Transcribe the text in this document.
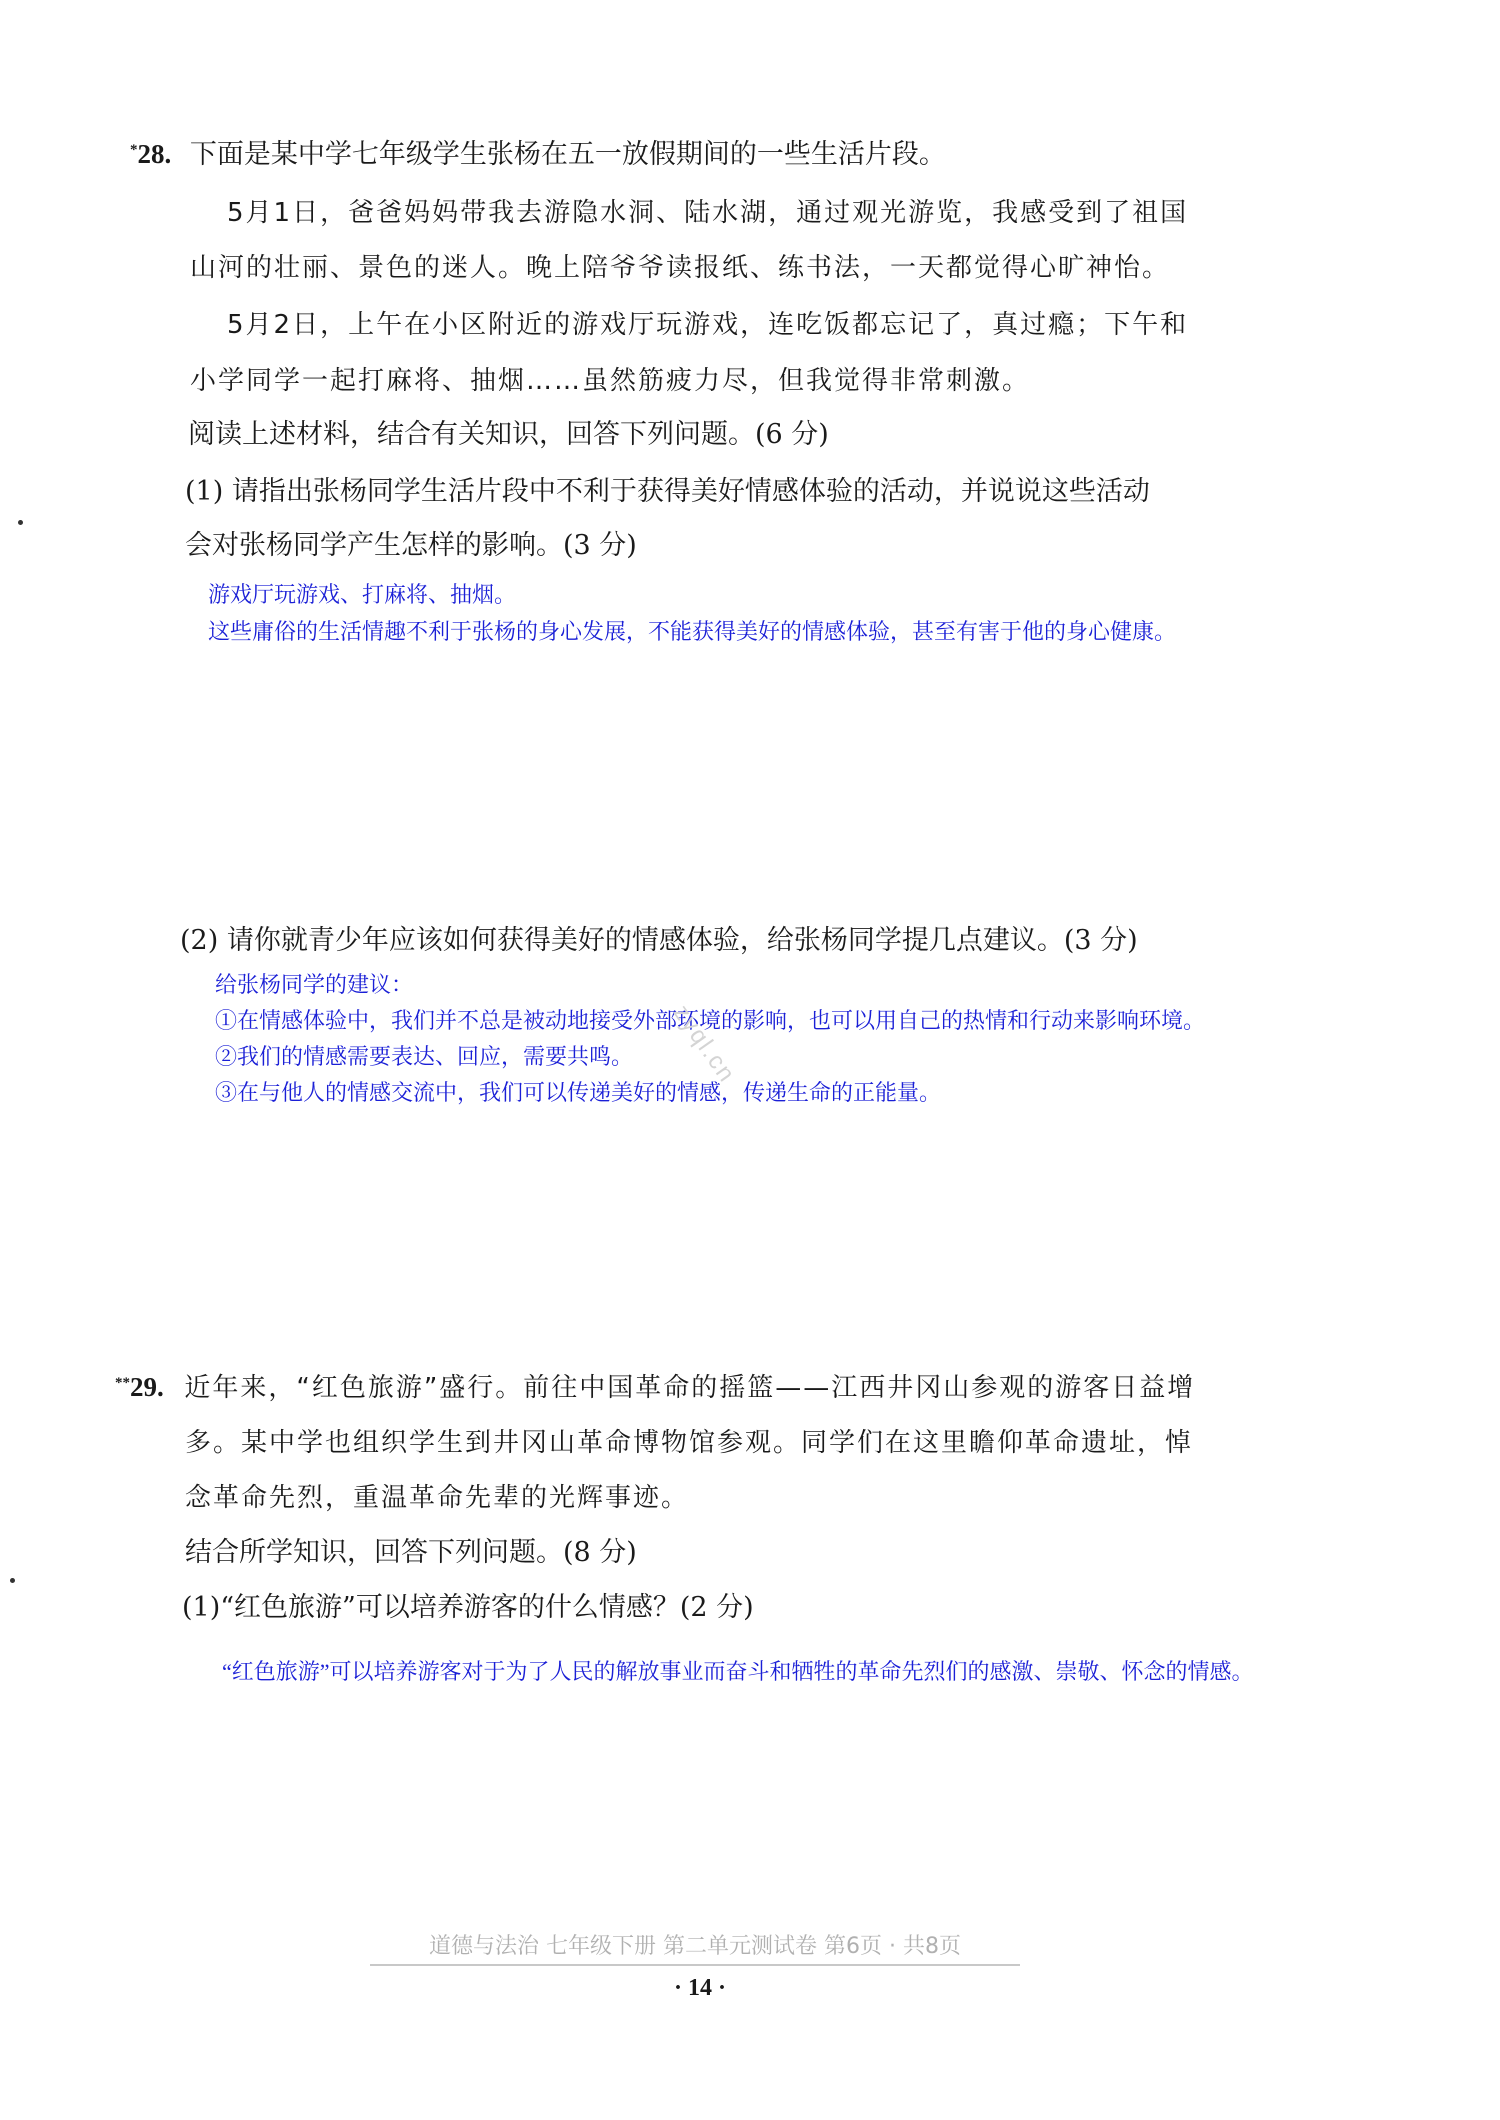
*28. 下面是某中学七年级学生张杨在五一放假期间的一些生活片段。
5月1日，爸爸妈妈带我去游隐水洞、陆水湖，通过观光游览，我感受到了祖国
山河的壮丽、景色的迷人。晚上陪爷爷读报纸、练书法，一天都觉得心旷神怡。
5月2日，上午在小区附近的游戏厅玩游戏，连吃饭都忘记了，真过瘾；下午和
小学同学一起打麻将、抽烟……虽然筋疲力尽，但我觉得非常刺激。
阅读上述材料，结合有关知识，回答下列问题。(6 分)
(1) 请指出张杨同学生活片段中不利于获得美好情感体验的活动，并说说这些活动
会对张杨同学产生怎样的影响。(3 分)
游戏厅玩游戏、打麻将、抽烟。
这些庸俗的生活情趣不利于张杨的身心发展，不能获得美好的情感体验，甚至有害于他的身心健康。
(2) 请你就青少年应该如何获得美好的情感体验，给张杨同学提几点建议。(3 分)
给张杨同学的建议：
①在情感体验中，我们并不总是被动地接受外部环境的影响，也可以用自己的热情和行动来影响环境。
②我们的情感需要表达、回应，需要共鸣。
③在与他人的情感交流中，我们可以传递美好的情感，传递生命的正能量。
zyql.cn
**29. 近年来，“红色旅游”盛行。前往中国革命的摇篮——江西井冈山参观的游客日益增
多。某中学也组织学生到井冈山革命博物馆参观。同学们在这里瞻仰革命遗址，悼
念革命先烈，重温革命先辈的光辉事迹。
结合所学知识，回答下列问题。(8 分)
(1)“红色旅游”可以培养游客的什么情感？(2 分)
“红色旅游”可以培养游客对于为了人民的解放事业而奋斗和牺牲的革命先烈们的感激、崇敬、怀念的情感。
道德与法治 七年级下册 第二单元测试卷 第6页 · 共8页
· 14 ·
